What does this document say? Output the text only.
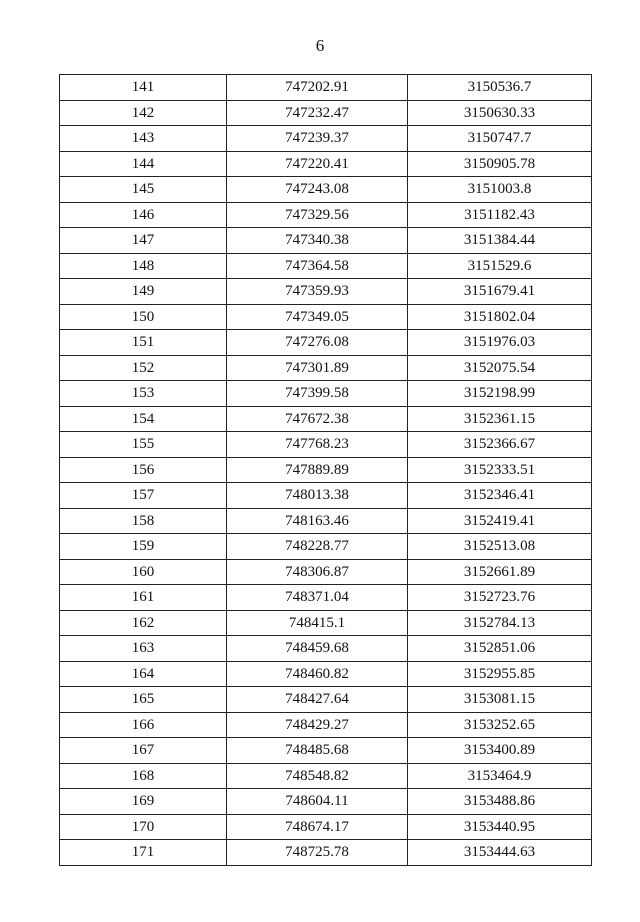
6
141	747202.91	3150536.7
142	747232.47	3150630.33
143	747239.37	3150747.7
144	747220.41	3150905.78
145	747243.08	3151003.8
146	747329.56	3151182.43
147	747340.38	3151384.44
148	747364.58	3151529.6
149	747359.93	3151679.41
150	747349.05	3151802.04
151	747276.08	3151976.03
152	747301.89	3152075.54
153	747399.58	3152198.99
154	747672.38	3152361.15
155	747768.23	3152366.67
156	747889.89	3152333.51
157	748013.38	3152346.41
158	748163.46	3152419.41
159	748228.77	3152513.08
160	748306.87	3152661.89
161	748371.04	3152723.76
162	748415.1	3152784.13
163	748459.68	3152851.06
164	748460.82	3152955.85
165	748427.64	3153081.15
166	748429.27	3153252.65
167	748485.68	3153400.89
168	748548.82	3153464.9
169	748604.11	3153488.86
170	748674.17	3153440.95
171	748725.78	3153444.63
